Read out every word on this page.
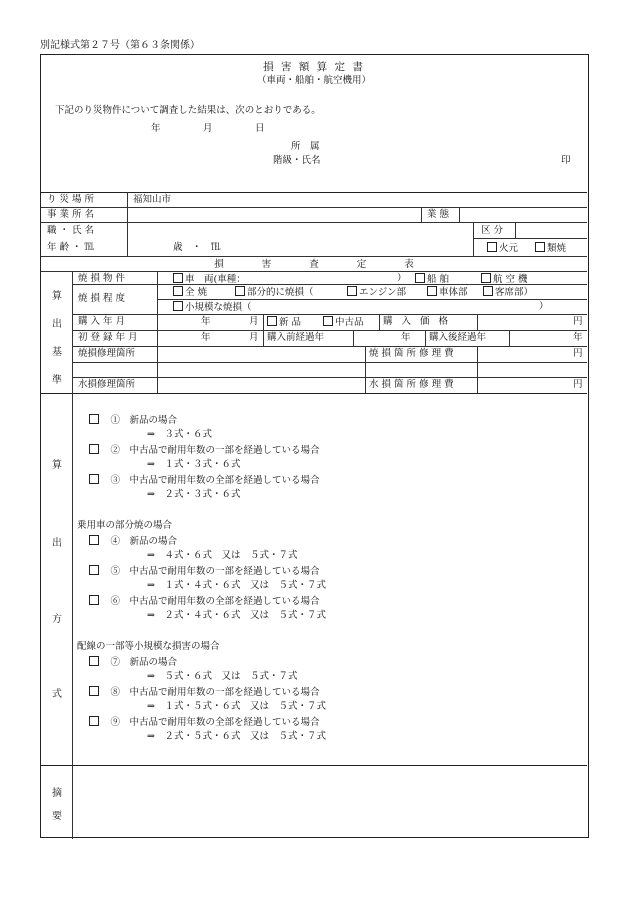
別記様式第２７号（第６３条関係）
損 害 額 算 定 書
（車両・船舶・航空機用）
下記のり災物件について調査した結果は、次のとおりである。
年	月	日
所　属
階級・氏名	印
り 災 場 所	福知山市
事 業 所 名	業 態
職 ・ 氏 名	区 分
年 齢 ・ ℡	歳　・　℡	火元	類焼
損　　　　害　　　　査　　　　定　　　　表
算
出
基
準
焼 損 物 件	車　両(車種：	）	船 舶	航 空 機
焼 損 程 度
全 焼	部分的に焼損（	エンジン部	車体部	客席部）
小規模な焼損（	）
購 入 年 月	年	月	新 品	中古品 購 入 価 格	円
初 登 録 年 月	年	月 購入前経過年	年 購入後経過年	年
焼損修理箇所	焼 損 箇 所 修 理 費	円
水損修理箇所	水 損 箇 所 修 理 費	円
算
出
方
式
　①　 新品の場合
⇒　３式・６式
　②　 中古品で耐用年数の一部を経過している場合
⇒　１式・３式・６式
　③　 中古品で耐用年数の全部を経過している場合
⇒　２式・３式・６式
乗用車の部分焼の場合
　④　 新品の場合
⇒　４式・６式　又は　５式・７式
　⑤　 中古品で耐用年数の一部を経過している場合
⇒　１式・４式・６式　又は　５式・７式
　⑥　 中古品で耐用年数の全部を経過している場合
⇒　２式・４式・６式　又は　５式・７式
配線の一部等小規模な損害の場合
　⑦　 新品の場合
⇒　５式・６式　又は　５式・７式
　⑧　 中古品で耐用年数の一部を経過している場合
⇒　１式・５式・６式　又は　５式・７式
　⑨　 中古品で耐用年数の全部を経過している場合
⇒　２式・５式・６式　又は　５式・７式
摘
要
